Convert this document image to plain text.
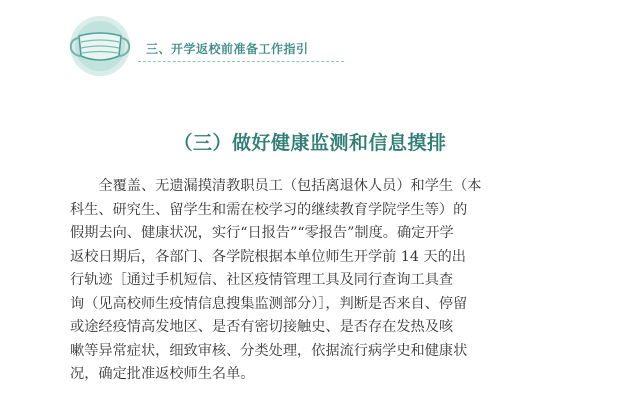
三、开学返校前准备工作指引
（三）做好健康监测和信息摸排
　　全覆盖、无遗漏摸清教职员工（包括离退休人员）和学生（本
科生、研究生、留学生和需在校学习的继续教育学院学生等）的
假期去向、健康状况，实行“日报告”“零报告”制度。确定开学
返校日期后，各部门、各学院根据本单位师生开学前 14 天的出
行轨迹［通过手机短信、社区疫情管理工具及同行查询工具查
询（见高校师生疫情信息搜集监测部分）］，判断是否来自、停留
或途经疫情高发地区、是否有密切接触史、是否存在发热及咳
嗽等异常症状，细致审核、分类处理，依据流行病学史和健康状
况，确定批准返校师生名单。
